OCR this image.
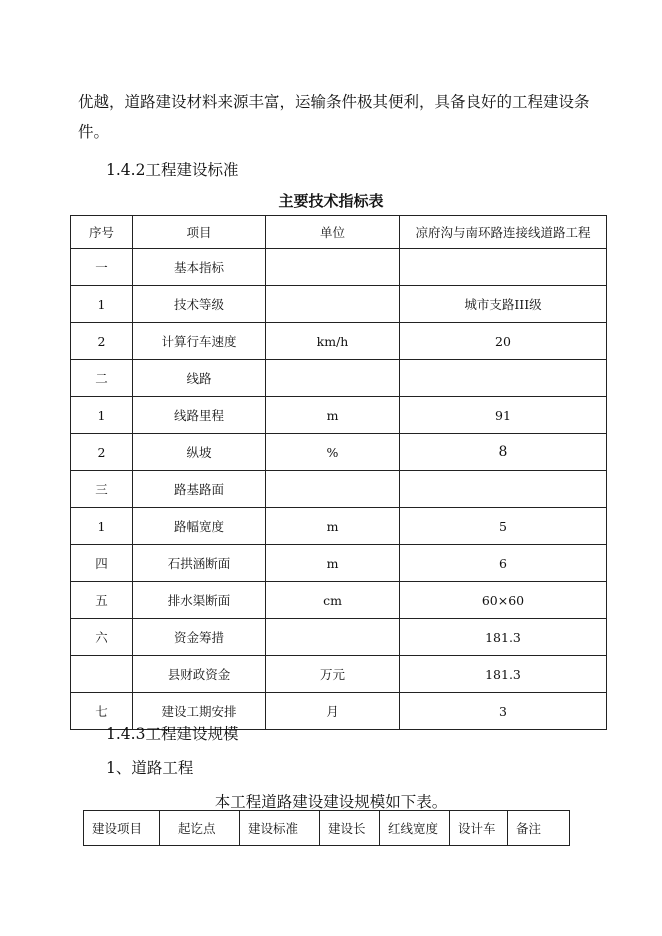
优越，道路建设材料来源丰富，运输条件极其便利，具备良好的工程建设条
件。
1.4.2工程建设标准
主要技术指标表
序号	项目	单位	凉府沟与南环路连接线道路工程
一	基本指标		
1	技术等级		城市支路III级
2	计算行车速度	km/h	20
二	线路		
1	线路里程	m	91
2	纵坡	%	8
三	路基路面		
1	路幅宽度	m	5
四	石拱涵断面	m	6
五	排水渠断面	cm	60×60
六	资金筹措		181.3
	县财政资金	万元	181.3
七	建设工期安排	月	3
1.4.3工程建设规模
1、道路工程
本工程道路建设建设规模如下表。
建设项目	起讫点	建设标准	建设长	红线宽度	设计车	备注
